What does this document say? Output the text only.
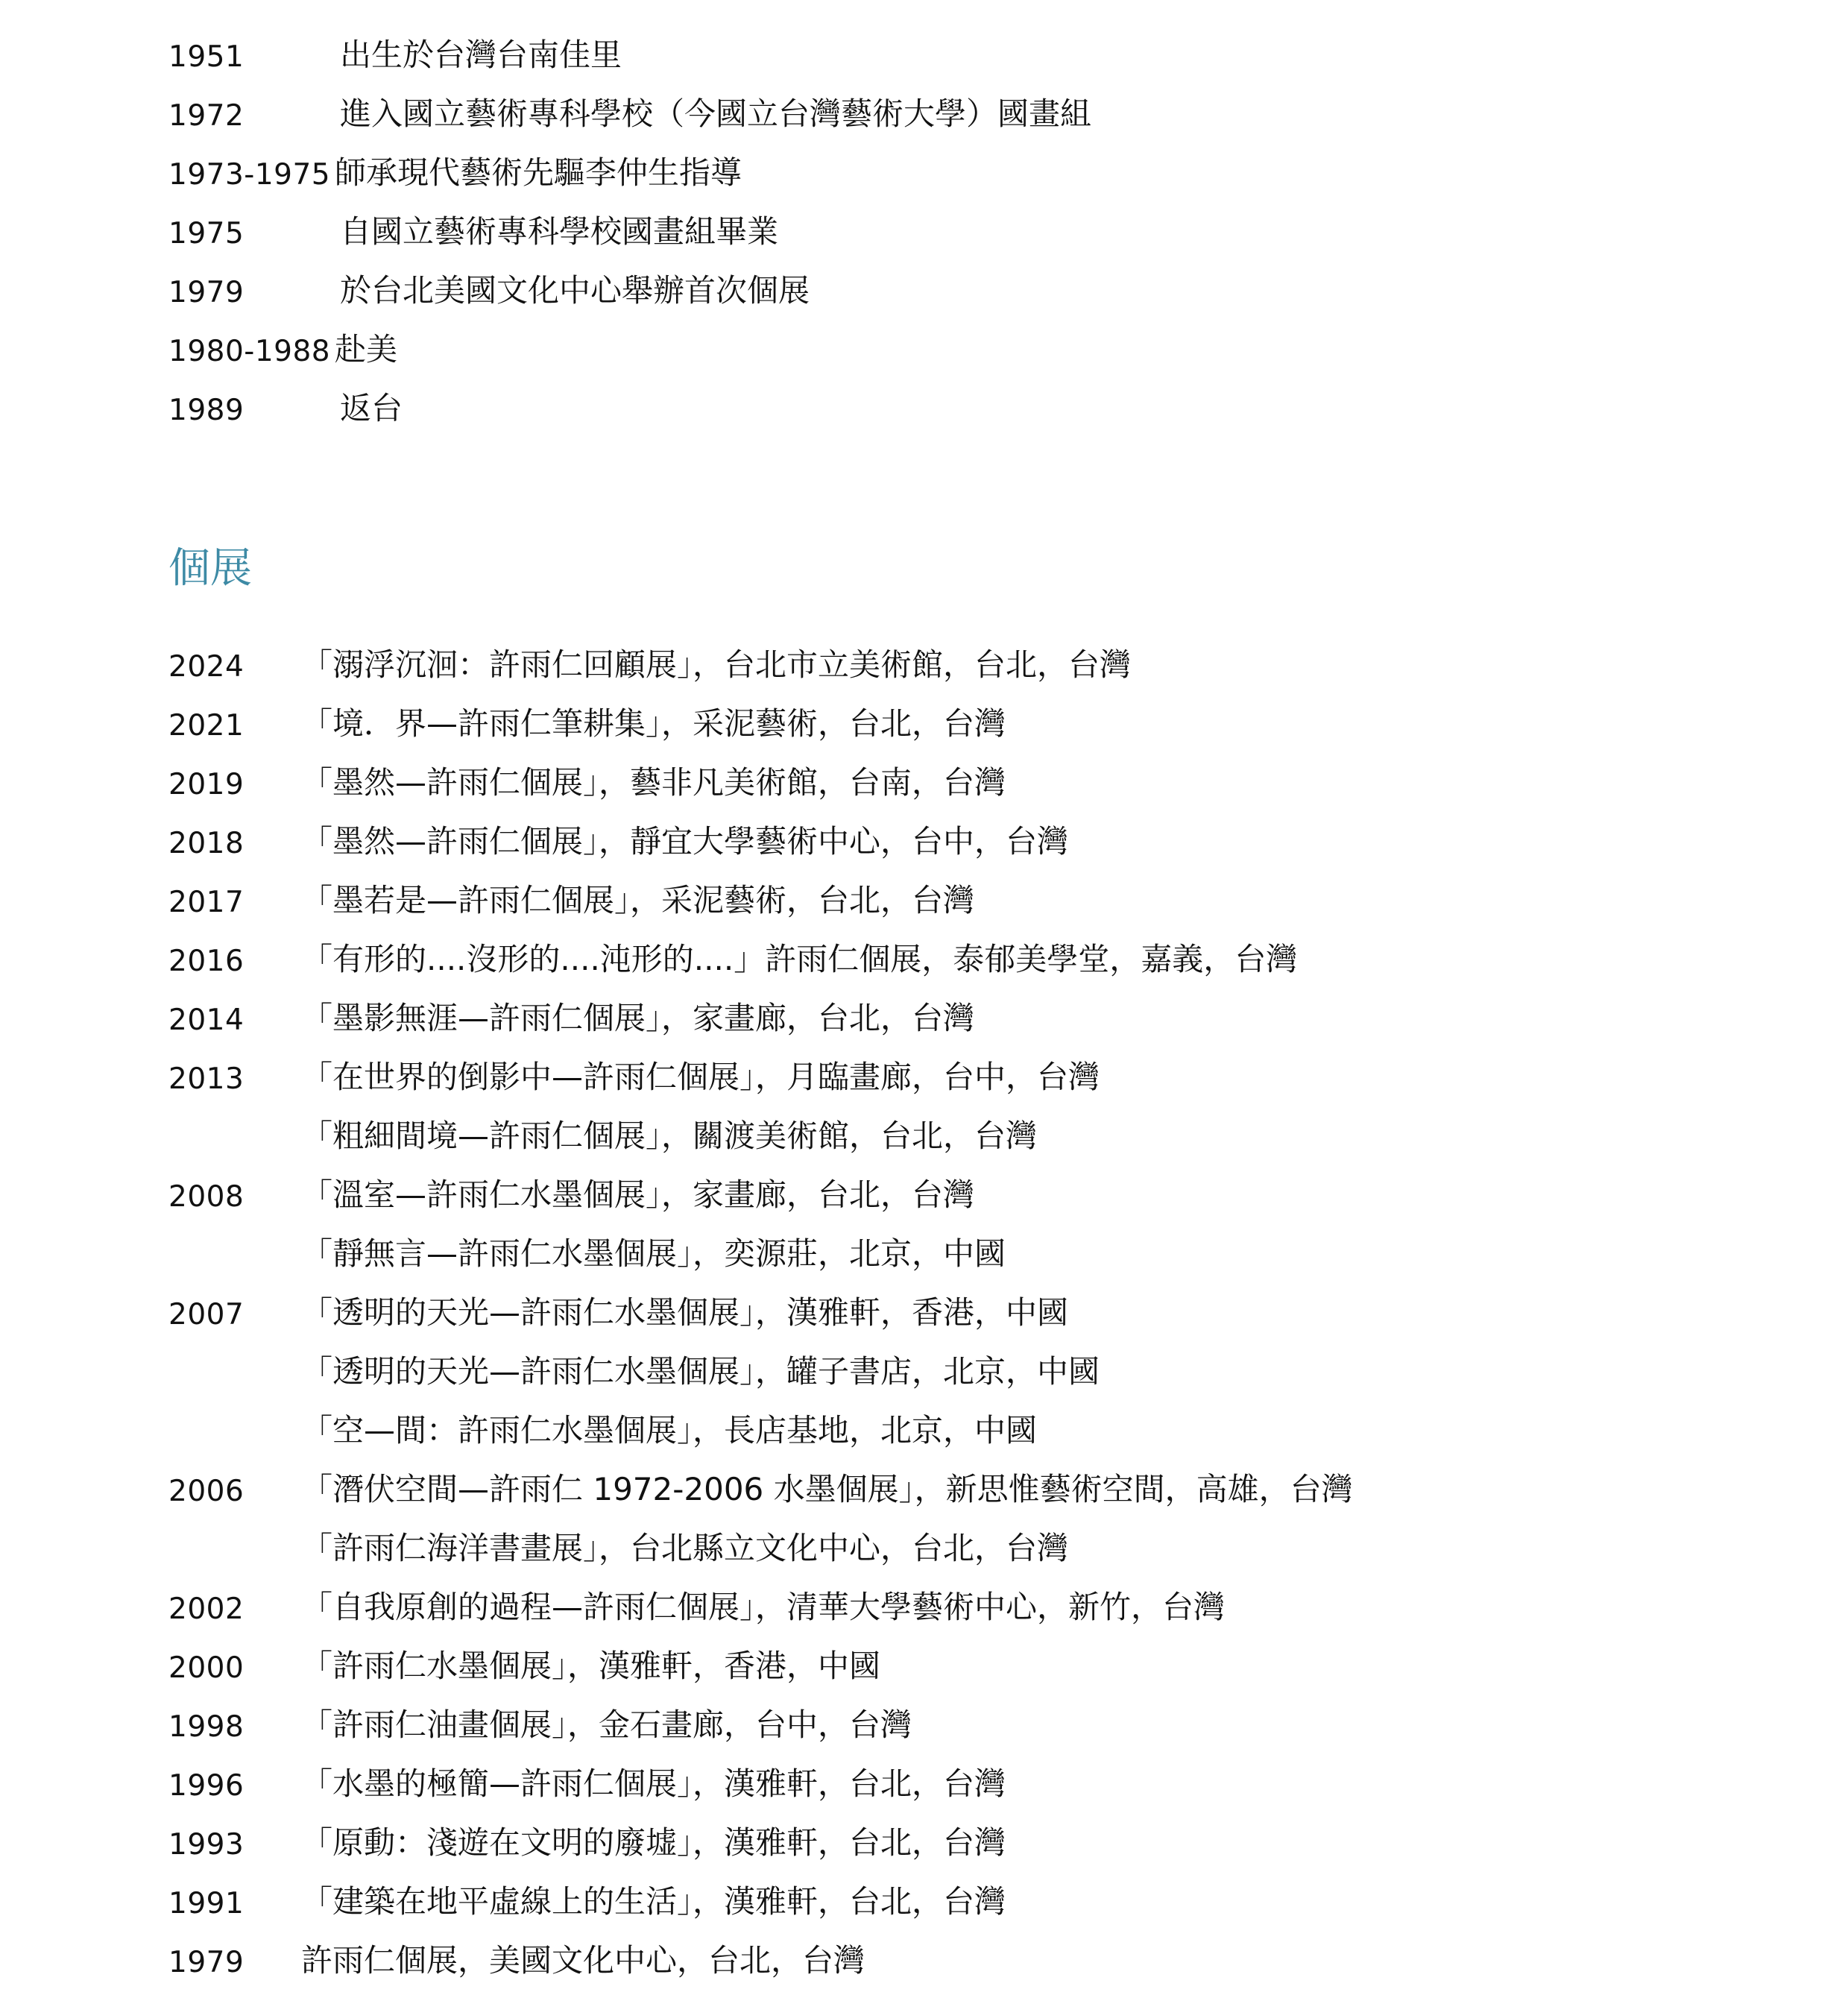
1951	出生於台灣台南佳里
1972	進入國立藝術專科學校（今國立台灣藝術大學）國畫組
1973-1975 師承現代藝術先驅李仲生指導
1975	自國立藝術專科學校國畫組畢業
1979	於台北美國文化中心舉辦首次個展
1980-1988 赴美
1989	返台
個展
2024 「溺浮沉洄：許雨仁回顧展」，台北市立美術館，台北，台灣
2021 「境．界—許雨仁筆耕集」，采泥藝術，台北，台灣
2019 「墨然—許雨仁個展」，藝非凡美術館，台南，台灣
2018 「墨然—許雨仁個展」，靜宜大學藝術中心，台中，台灣
2017 「墨若是—許雨仁個展」，采泥藝術，台北，台灣
2016 「有形的....沒形的....沌形的....」許雨仁個展，泰郁美學堂，嘉義，台灣
2014 「墨影無涯—許雨仁個展」，家畫廊，台北，台灣
2013 「在世界的倒影中—許雨仁個展」，月臨畫廊，台中，台灣
「粗細間境—許雨仁個展」，關渡美術館，台北，台灣
2008 「溫室—許雨仁水墨個展」，家畫廊，台北，台灣
「靜無言—許雨仁水墨個展」，奕源莊，北京，中國
2007 「透明的天光—許雨仁水墨個展」，漢雅軒，香港，中國
「透明的天光—許雨仁水墨個展」，罐子書店，北京，中國
「空—間：許雨仁水墨個展」，長店基地，北京，中國
2006 「潛伏空間—許雨仁 1972-2006 水墨個展」，新思惟藝術空間，高雄，台灣
「許雨仁海洋書畫展」，台北縣立文化中心，台北，台灣
2002 「自我原創的過程—許雨仁個展」，清華大學藝術中心，新竹，台灣
2000 「許雨仁水墨個展」，漢雅軒，香港，中國
1998 「許雨仁油畫個展」，金石畫廊，台中，台灣
1996 「水墨的極簡—許雨仁個展」，漢雅軒，台北，台灣
1993 「原動：淺遊在文明的廢墟」，漢雅軒，台北，台灣
1991 「建築在地平虛線上的生活」，漢雅軒，台北，台灣
1979 許雨仁個展，美國文化中心，台北，台灣
